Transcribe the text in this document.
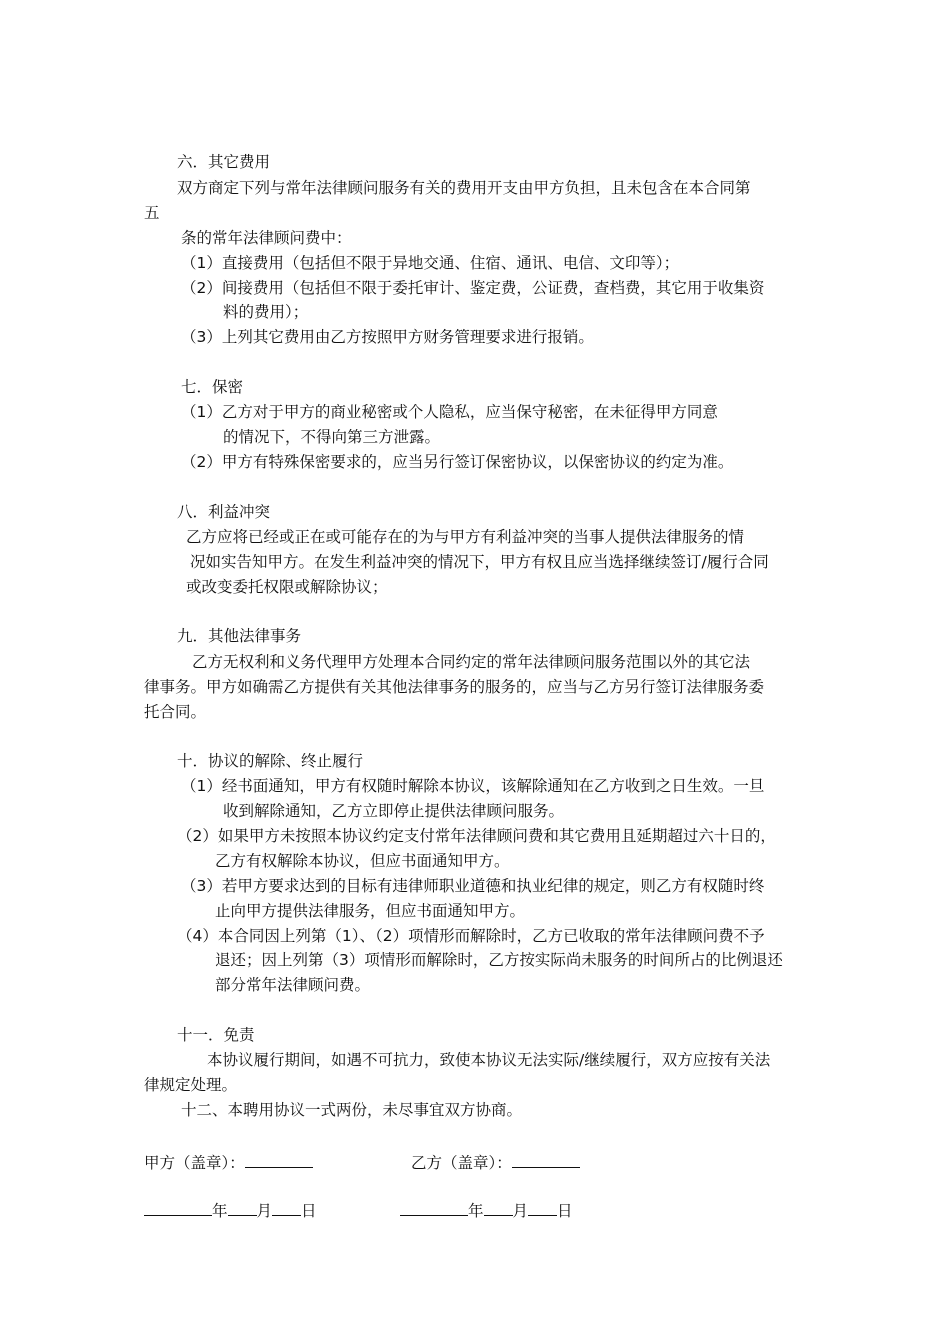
六．其它费用
双方商定下列与常年法律顾问服务有关的费用开支由甲方负担，且未包含在本合同第
五
条的常年法律顾问费中：
（1）直接费用（包括但不限于异地交通、住宿、通讯、电信、文印等）；
（2）间接费用（包括但不限于委托审计、鉴定费，公证费，查档费，其它用于收集资
料的费用）；
（3）上列其它费用由乙方按照甲方财务管理要求进行报销。
七．保密
（1）乙方对于甲方的商业秘密或个人隐私，应当保守秘密，在未征得甲方同意
的情况下，不得向第三方泄露。
（2）甲方有特殊保密要求的，应当另行签订保密协议，以保密协议的约定为准。
八．利益冲突
乙方应将已经或正在或可能存在的为与甲方有利益冲突的当事人提供法律服务的情
况如实告知甲方。在发生利益冲突的情况下，甲方有权且应当选择继续签订/履行合同
或改变委托权限或解除协议；
九．其他法律事务
乙方无权利和义务代理甲方处理本合同约定的常年法律顾问服务范围以外的其它法
律事务。甲方如确需乙方提供有关其他法律事务的服务的，应当与乙方另行签订法律服务委
托合同。
十．协议的解除、终止履行
（1）经书面通知，甲方有权随时解除本协议，该解除通知在乙方收到之日生效。一旦
收到解除通知，乙方立即停止提供法律顾问服务。
（2）如果甲方未按照本协议约定支付常年法律顾问费和其它费用且延期超过六十日的，
乙方有权解除本协议，但应书面通知甲方。
（3）若甲方要求达到的目标有违律师职业道德和执业纪律的规定，则乙方有权随时终
止向甲方提供法律服务，但应书面通知甲方。
（4）本合同因上列第（1）、（2）项情形而解除时，乙方已收取的常年法律顾问费不予
退还；因上列第（3）项情形而解除时，乙方按实际尚未服务的时间所占的比例退还
部分常年法律顾问费。
十一．免责
本协议履行期间，如遇不可抗力，致使本协议无法实际/继续履行，双方应按有关法
律规定处理。
十二、本聘用协议一式两份，未尽事宜双方协商。
甲方（盖章）：	乙方（盖章）：
年 月 日	年 月 日
